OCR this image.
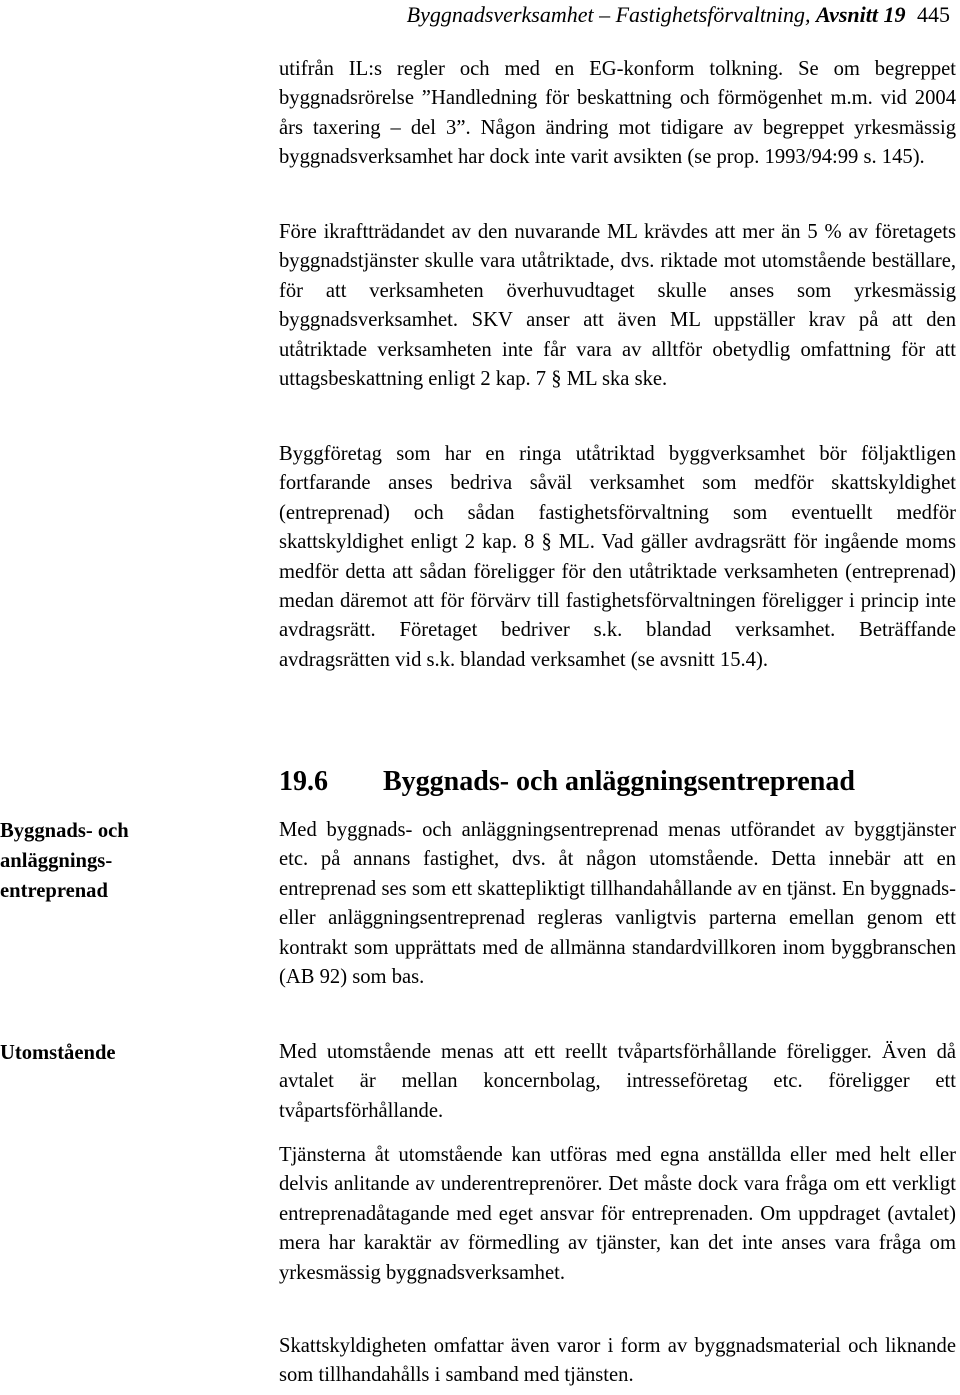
Byggnadsverksamhet – Fastighetsförvaltning, Avsnitt 19 445

utifrån IL:s regler och med en EG-konform tolkning. Se om begreppet byggnadsrörelse ”Handledning för beskattning och förmögenhet m.m. vid 2004 års taxering – del 3”. Någon ändring mot tidigare av begreppet yrkesmässig byggnadsverksamhet har dock inte varit avsikten (se prop. 1993/94:99 s. 145).

Före ikraftträdandet av den nuvarande ML krävdes att mer än 5 % av företagets byggnadstjänster skulle vara utåtriktade, dvs. riktade mot utomstående beställare, för att verksamheten överhuvudtaget skulle anses som yrkesmässig byggnadsverksamhet. SKV anser att även ML uppställer krav på att den utåtriktade verksamheten inte får vara av alltför obetydlig omfattning för att uttagsbeskattning enligt 2 kap. 7 § ML ska ske.

Byggföretag som har en ringa utåtriktad byggverksamhet bör följaktligen fortfarande anses bedriva såväl verksamhet som medför skattskyldighet (entreprenad) och sådan fastighetsförvaltning som eventuellt medför skattskyldighet enligt 2 kap. 8 § ML. Vad gäller avdragsrätt för ingående moms medför detta att sådan föreligger för den utåtriktade verksamheten (entreprenad) medan däremot att för förvärv till fastighetsförvaltningen föreligger i princip inte avdragsrätt. Företaget bedriver s.k. blandad verksamhet. Beträffande avdragsrätten vid s.k. blandad verksamhet (se avsnitt 15.4).

19.6 Byggnads- och anläggningsentreprenad
Byggnads- och anläggningsentreprenad

Med byggnads- och anläggningsentreprenad menas utförandet av byggtjänster etc. på annans fastighet, dvs. åt någon utomstående. Detta innebär att en entreprenad ses som ett skattepliktigt tillhandahållande av en tjänst. En byggnads- eller anläggningsentreprenad regleras vanligtvis parterna emellan genom ett kontrakt som upprättats med de allmänna standardvillkoren inom byggbranschen (AB 92) som bas.

Utomstående	Med utomstående menas att ett reellt tvåpartsförhållande föreligger. Även då avtalet är mellan koncernbolag, intresseföretag etc. föreligger ett tvåpartsförhållande.

Tjänsterna åt utomstående kan utföras med egna anställda eller med helt eller delvis anlitande av underentreprenörer. Det måste dock vara fråga om ett verkligt entreprenadåtagande med eget ansvar för entreprenaden. Om uppdraget (avtalet) mera har karaktär av förmedling av tjänster, kan det inte anses vara fråga om yrkesmässig byggnadsverksamhet.

Skattskyldigheten omfattar även varor i form av byggnadsmaterial och liknande som tillhandahålls i samband med tjänsten.
